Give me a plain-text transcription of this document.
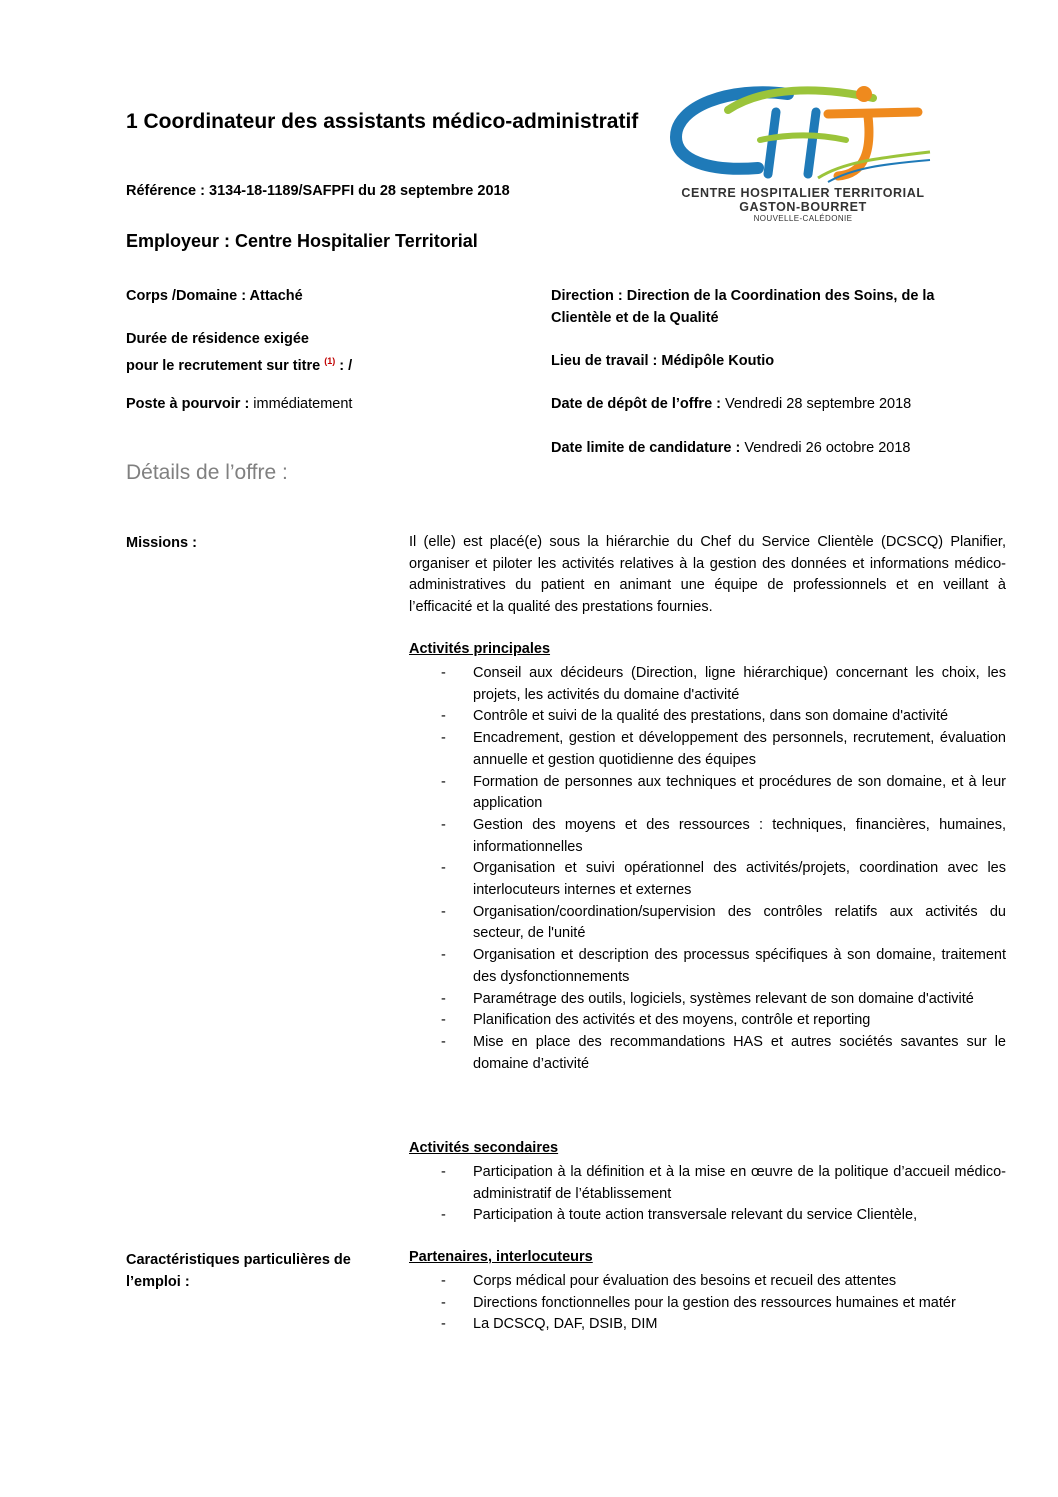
1 Coordinateur des assistants médico-administratif
CENTRE HOSPITALIER TERRITORIAL
GASTON-BOURRET
NOUVELLE-CALÉDONIE
Référence : 3134-18-1189/SAFPFI du 28 septembre 2018
Employeur : Centre Hospitalier Territorial
Corps /Domaine : Attaché
Durée de résidence exigée
pour le recrutement sur titre $^{(1)}$ : /
Poste à pourvoir : immédiatement
Direction : Direction de la Coordination des Soins, de la
Clientèle et de la Qualité
Lieu de travail : Médipôle Koutio
Date de dépôt de l’offre : Vendredi 28 septembre 2018
Date limite de candidature : Vendredi 26 octobre 2018
Détails de l’offre :
Missions :	Il (elle) est placé(e) sous la hiérarchie du Chef du Service Clientèle (DCSCQ) Planifier, organiser et piloter les activités relatives à la gestion des données et informations médico-administratives du patient en animant une équipe de professionnels et en veillant à l’efficacité et la qualité des prestations fournies.
Activités principales
- Conseil aux décideurs (Direction, ligne hiérarchique) concernant les choix, les projets, les activités du domaine d'activité
- Contrôle et suivi de la qualité des prestations, dans son domaine d'activité
- Encadrement, gestion et développement des personnels, recrutement, évaluation annuelle et gestion quotidienne des équipes
- Formation de personnes aux techniques et procédures de son domaine, et à leur application
- Gestion des moyens et des ressources : techniques, financières, humaines, informationnelles
- Organisation et suivi opérationnel des activités/projets, coordination avec les interlocuteurs internes et externes
- Organisation/coordination/supervision des contrôles relatifs aux activités du secteur, de l'unité
- Organisation et description des processus spécifiques à son domaine, traitement des dysfonctionnements
- Paramétrage des outils, logiciels, systèmes relevant de son domaine d'activité
- Planification des activités et des moyens, contrôle et reporting
- Mise en place des recommandations HAS et autres sociétés savantes sur le domaine d’activité
Activités secondaires
- Participation à la définition et à la mise en œuvre de la politique d’accueil médico-administratif de l’établissement
- Participation à toute action transversale relevant du service Clientèle,
Caractéristiques particulières de
l’emploi :
Partenaires, interlocuteurs
- Corps médical pour évaluation des besoins et recueil des attentes
- Directions fonctionnelles pour la gestion des ressources humaines et matér
- La DCSCQ, DAF, DSIB, DIM
